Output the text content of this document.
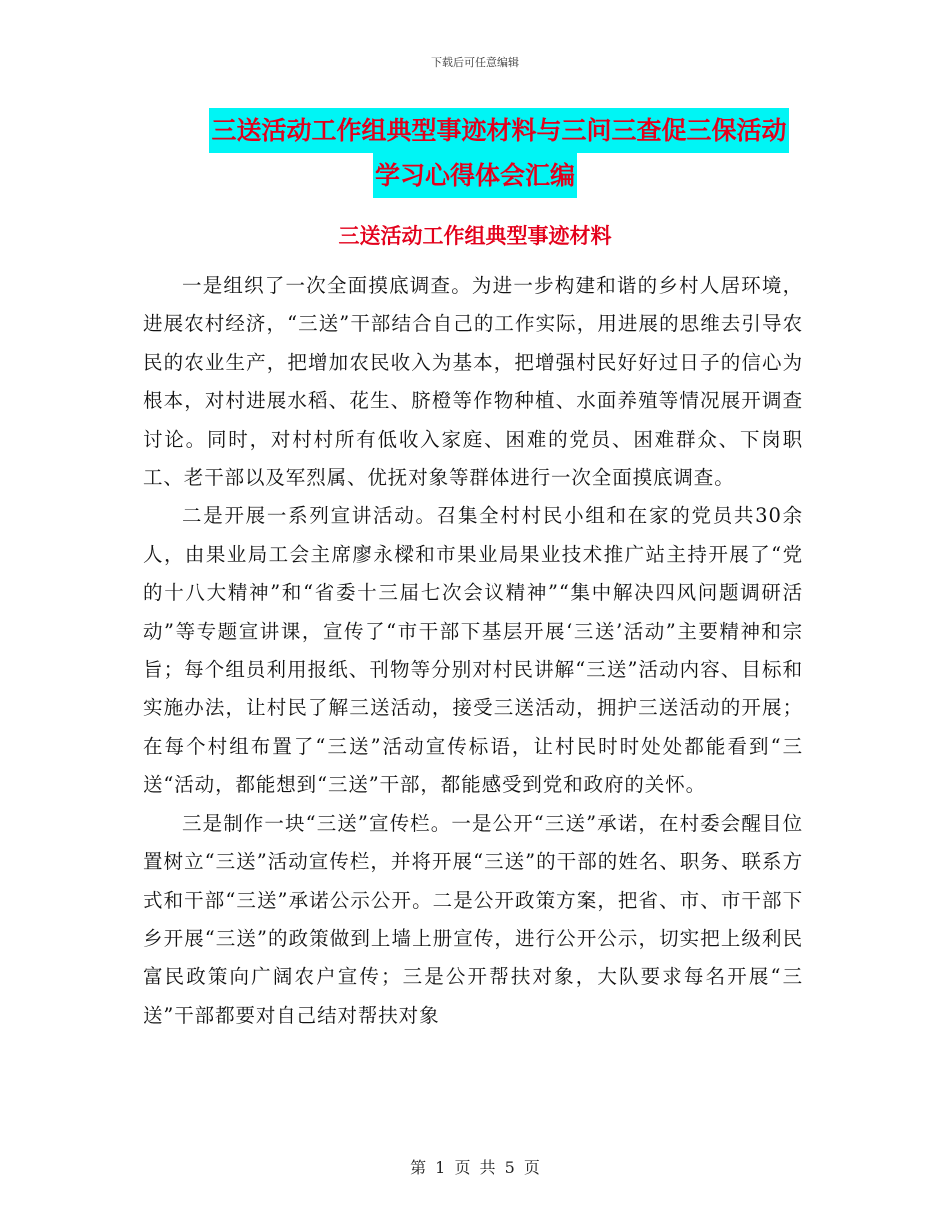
下载后可任意编辑
三送活动工作组典型事迹材料与三问三查促三保活动
学习心得体会汇编
三送活动工作组典型事迹材料

一是组织了一次全面摸底调查。为进一步构建和谐的乡村人居环境，进展农村经济，“三送”干部结合自己的工作实际，用进展的思维去引导农民的农业生产，把增加农民收入为基本，把增强村民好好过日子的信心为根本，对村进展水稻、花生、脐橙等作物种植、水面养殖等情况展开调查讨论。同时，对村村所有低收入家庭、困难的党员、困难群众、下岗职工、老干部以及军烈属、优抚对象等群体进行一次全面摸底调查。

二是开展一系列宣讲活动。召集全村村民小组和在家的党员共30余人，由果业局工会主席廖永樑和市果业局果业技术推广站主持开展了“党的十八大精神”和“省委十三届七次会议精神”“集中解决四风问题调研活动”等专题宣讲课，宣传了“市干部下基层开展‘三送’活动”主要精神和宗旨；每个组员利用报纸、刊物等分别对村民讲解“三送”活动内容、目标和实施办法，让村民了解三送活动，接受三送活动，拥护三送活动的开展；在每个村组布置了“三送”活动宣传标语，让村民时时处处都能看到“三送“活动，都能想到“三送”干部，都能感受到党和政府的关怀。

三是制作一块“三送”宣传栏。一是公开“三送”承诺，在村委会醒目位置树立“三送”活动宣传栏，并将开展“三送”的干部的姓名、职务、联系方式和干部“三送”承诺公示公开。二是公开政策方案，把省、市、市干部下乡开展“三送”的政策做到上墙上册宣传，进行公开公示，切实把上级利民富民政策向广阔农户宣传；三是公开帮扶对象，大队要求每名开展“三送”干部都要对自己结对帮扶对象

第 1 页 共 5 页
